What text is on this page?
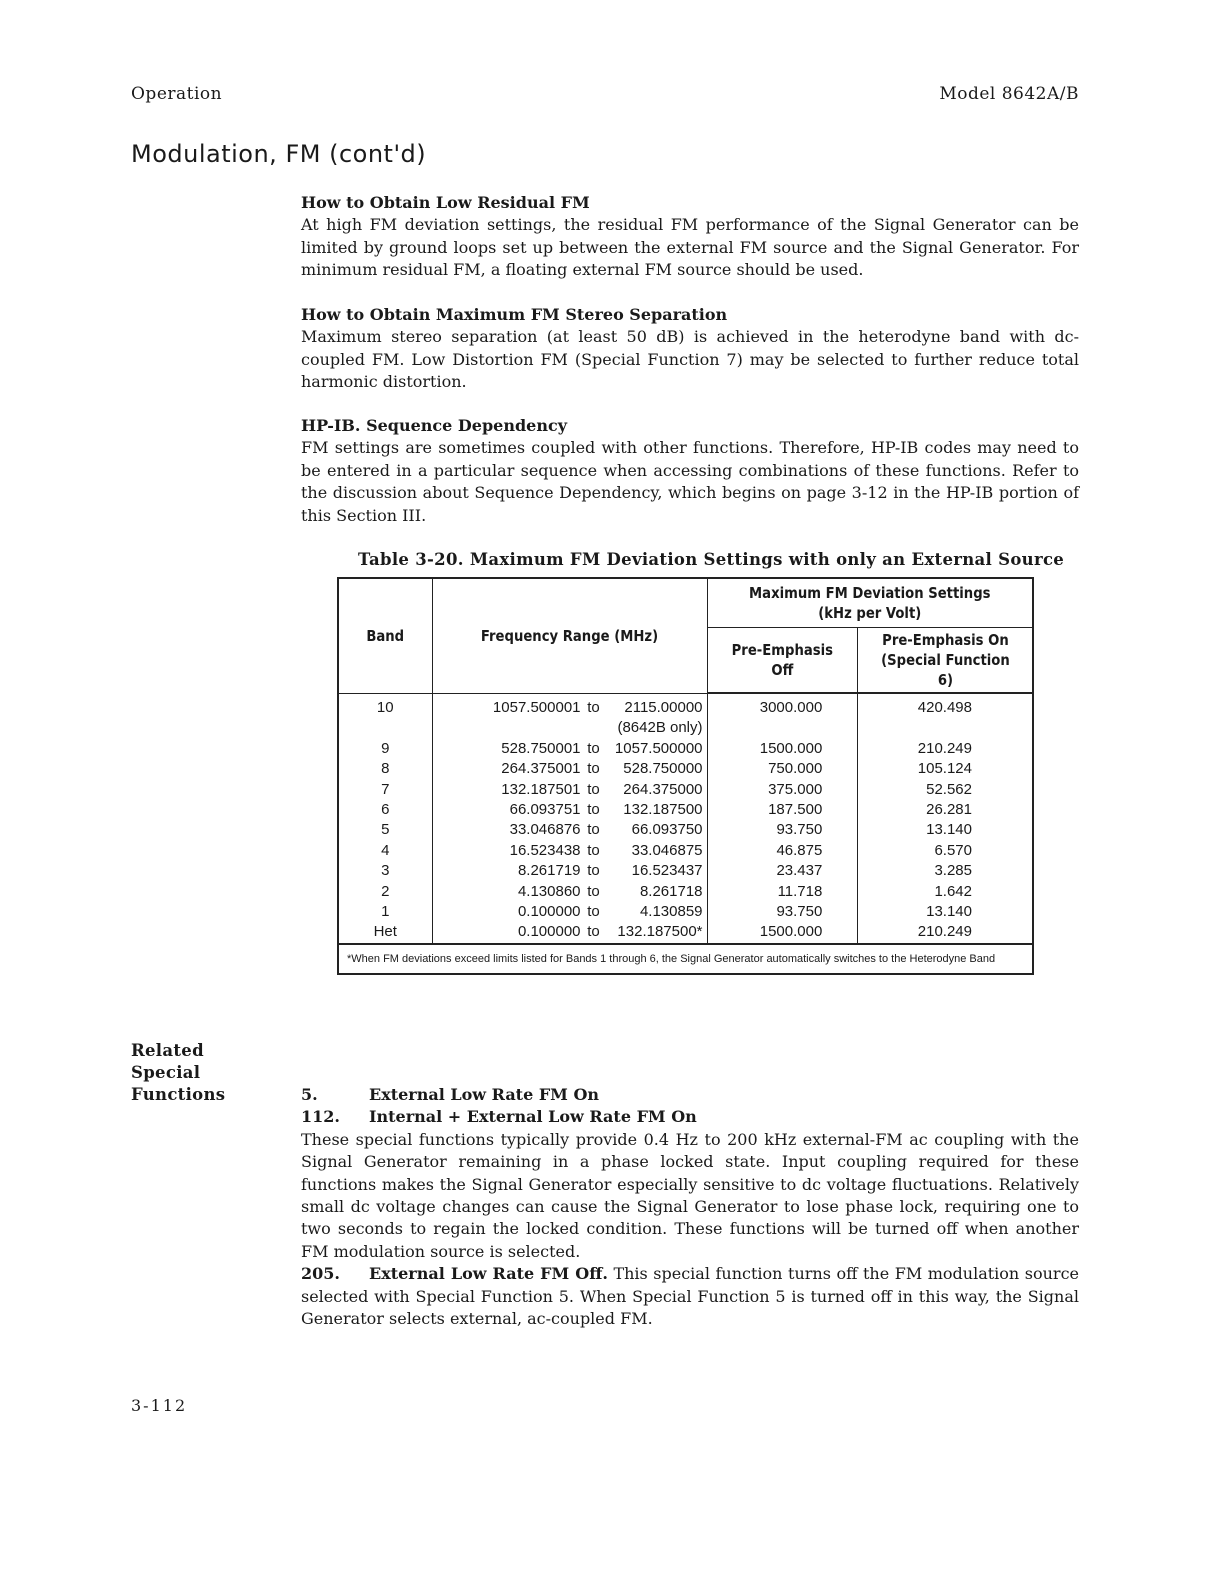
Operation	Model 8642A/B
Modulation, FM (cont'd)
How to Obtain Low Residual FM
At high FM deviation settings, the residual FM performance of the Signal Generator can be limited by ground loops set up between the external FM source and the Signal Generator. For minimum residual FM, a floating external FM source should be used.
How to Obtain Maximum FM Stereo Separation
Maximum stereo separation (at least 50 dB) is achieved in the heterodyne band with dc-coupled FM. Low Distortion FM (Special Function 7) may be selected to further reduce total harmonic distortion.
HP-IB. Sequence Dependency
FM settings are sometimes coupled with other functions. Therefore, HP-IB codes may need to be entered in a particular sequence when accessing combinations of these functions. Refer to the discussion about Sequence Dependency, which begins on page 3-12 in the HP-IB portion of this Section III.
Table 3-20. Maximum FM Deviation Settings with only an External Source
Band	Frequency Range (MHz)	Maximum FM Deviation Settings (kHz per Volt)	
		Pre-Emphasis Off	Pre-Emphasis On (Special Function 6)
10	1057.500001 to 2115.00000	3000.000	420.498
	(8642B only)		
9	528.750001 to 1057.500000	1500.000	210.249
8	264.375001 to 528.750000	750.000	105.124
7	132.187501 to 264.375000	375.000	52.562
6	66.093751 to 132.187500	187.500	26.281
5	33.046876 to 66.093750	93.750	13.140
4	16.523438 to 33.046875	46.875	6.570
3	8.261719 to 16.523437	23.437	3.285
2	4.130860 to 8.261718	11.718	1.642
1	0.100000 to 4.130859	93.750	13.140
Het	0.100000 to 132.187500*	1500.000	210.249
*When FM deviations exceed limits listed for Bands 1 through 6, the Signal Generator automatically switches to the Heterodyne Band			
Related
Special
Functions	5.	External Low Rate FM On
112.	Internal + External Low Rate FM On
These special functions typically provide 0.4 Hz to 200 kHz external-FM ac coupling with the Signal Generator remaining in a phase locked state. Input coupling required for these functions makes the Signal Generator especially sensitive to dc voltage fluctuations. Relatively small dc voltage changes can cause the Signal Generator to lose phase lock, requiring one to two seconds to regain the locked condition. These functions will be turned off when another FM modulation source is selected.
205. External Low Rate FM Off. This special function turns off the FM modulation source selected with Special Function 5. When Special Function 5 is turned off in this way, the Signal Generator selects external, ac-coupled FM.
3-112
